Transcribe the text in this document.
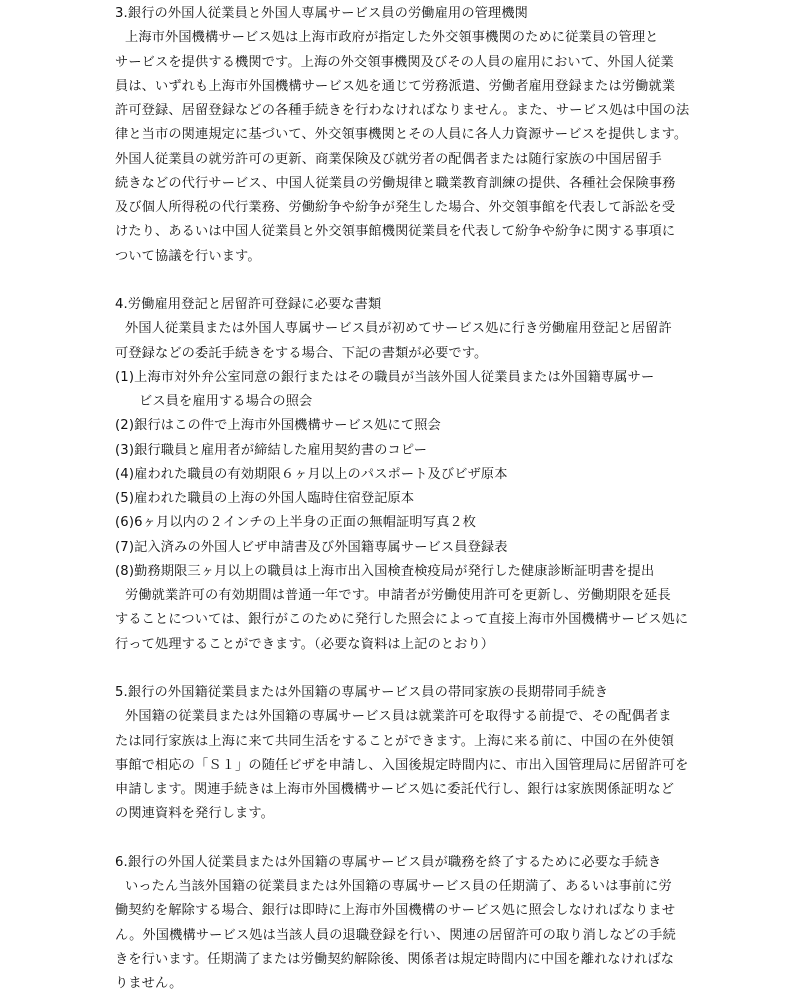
3.銀行の外国人従業員と外国人専属サービス員の労働雇用の管理機関
上海市外国機構サービス処は上海市政府が指定した外交領事機関のために従業員の管理と
サービスを提供する機関です。上海の外交領事機関及びその人員の雇用において、外国人従業
員は、いずれも上海市外国機構サービス処を通じて労務派遣、労働者雇用登録または労働就業
許可登録、居留登録などの各種手続きを行わなければなりません。また、サービス処は中国の法
律と当市の関連規定に基づいて、外交領事機関とその人員に各人力資源サービスを提供します。
外国人従業員の就労許可の更新、商業保険及び就労者の配偶者または随行家族の中国居留手
続きなどの代行サービス、中国人従業員の労働規律と職業教育訓練の提供、各種社会保険事務
及び個人所得税の代行業務、労働紛争や紛争が発生した場合、外交領事館を代表して訴訟を受
けたり、あるいは中国人従業員と外交領事館機関従業員を代表して紛争や紛争に関する事項に
ついて協議を行います。
4.労働雇用登記と居留許可登録に必要な書類
外国人従業員または外国人専属サービス員が初めてサービス処に行き労働雇用登記と居留許
可登録などの委託手続きをする場合、下記の書類が必要です。
(1)上海市対外弁公室同意の銀行またはその職員が当該外国人従業員または外国籍専属サー
ビス員を雇用する場合の照会
(2)銀行はこの件で上海市外国機構サービス処にて照会
(3)銀行職員と雇用者が締結した雇用契約書のコピー
(4)雇われた職員の有効期限６ヶ月以上のパスポート及びビザ原本
(5)雇われた職員の上海の外国人臨時住宿登記原本
(6)6ヶ月以内の２インチの上半身の正面の無帽証明写真２枚
(7)記入済みの外国人ビザ申請書及び外国籍専属サービス員登録表
(8)勤務期限三ヶ月以上の職員は上海市出入国検査検疫局が発行した健康診断証明書を提出
労働就業許可の有効期間は普通一年です。申請者が労働使用許可を更新し、労働期限を延長
することについては、銀行がこのために発行した照会によって直接上海市外国機構サービス処に
行って処理することができます。（必要な資料は上記のとおり）
5.銀行の外国籍従業員または外国籍の専属サービス員の帯同家族の長期帯同手続き
外国籍の従業員または外国籍の専属サービス員は就業許可を取得する前提で、その配偶者ま
たは同行家族は上海に来て共同生活をすることができます。上海に来る前に、中国の在外使領
事館で相応の「Ｓ１」の随任ビザを申請し、入国後規定時間内に、市出入国管理局に居留許可を
申請します。関連手続きは上海市外国機構サービス処に委託代行し、銀行は家族関係証明など
の関連資料を発行します。
6.銀行の外国人従業員または外国籍の専属サービス員が職務を終了するために必要な手続き
いったん当該外国籍の従業員または外国籍の専属サービス員の任期満了、あるいは事前に労
働契約を解除する場合、銀行は即時に上海市外国機構のサービス処に照会しなければなりませ
ん。外国機構サービス処は当該人員の退職登録を行い、関連の居留許可の取り消しなどの手続
きを行います。任期満了または労働契約解除後、関係者は規定時間内に中国を離れなければな
りません。
